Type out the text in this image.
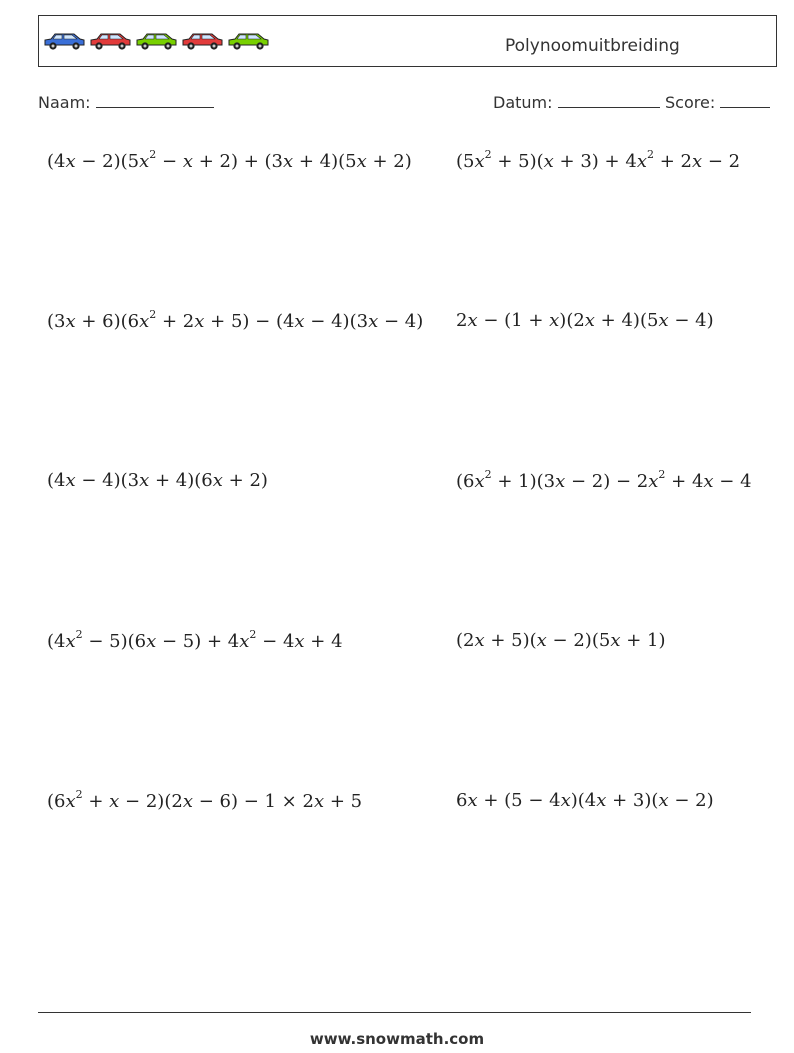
Polynoomuitbreiding
Naam:	Datum:	Score:
$(4x - 2)(5x^2 - x + 2) + (3x + 4)(5x + 2)$ $(5x^2 + 5)(x + 3) + 4x^2 + 2x - 2$
$(3x + 6)(6x^2 + 2x + 5) - (4x - 4)(3x - 4)$ 2x − (1 + x)(2x + 4)(5x − 4)
(4x − 4)(3x + 4)(6x + 2)	$(6x^2 + 1)(3x - 2) - 2x^2 + 4x - 4$
$(4x^2 - 5)(6x - 5) + 4x^2 - 4x + 4$	(2x + 5)(x − 2)(5x + 1)
$(6x^2 + x - 2)(2x - 6) - 1 \times 2x + 5$	6x + (5 − 4x)(4x + 3)(x − 2)
www.snowmath.com
